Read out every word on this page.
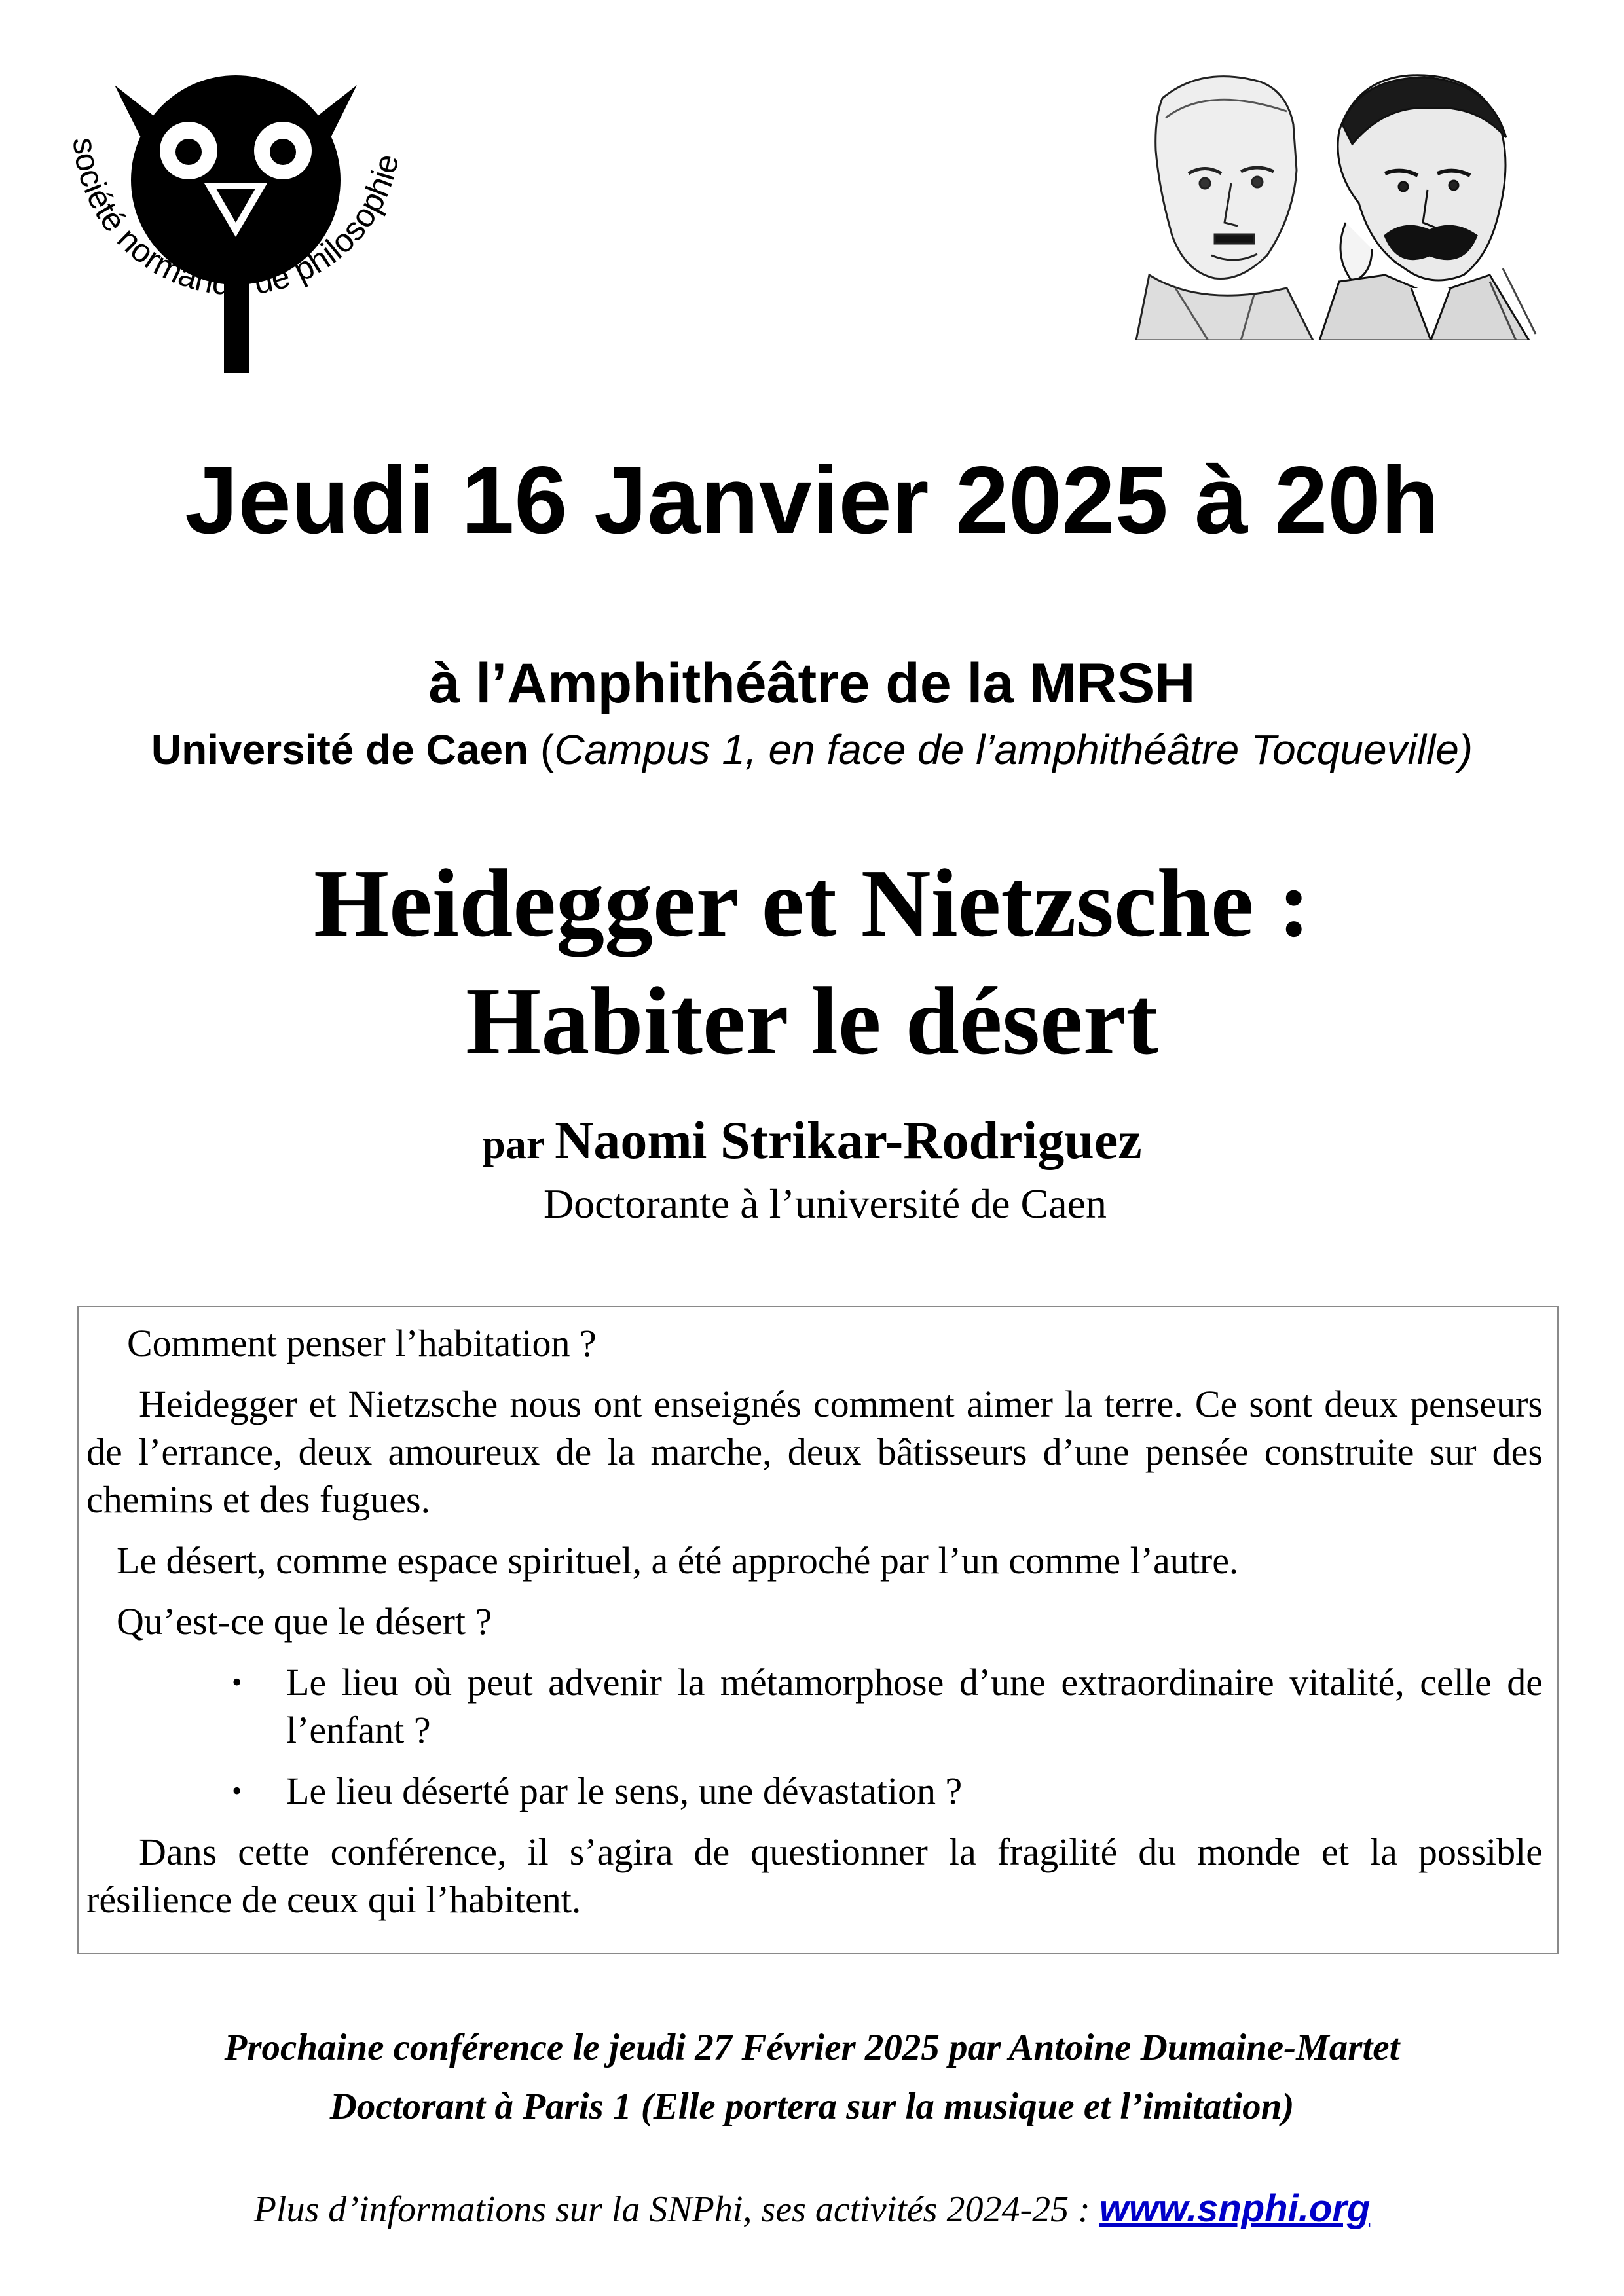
société normande de philosophie
Jeudi 16 Janvier 2025 à 20h
à l’Amphithéâtre de la MRSH
Université de Caen (Campus 1, en face de l’amphithéâtre Tocqueville)
Heidegger et Nietzsche :
Habiter le désert
par Naomi Strikar-Rodriguez
Doctorante à l’université de Caen

Comment penser l’habitation ?

Heidegger et Nietzsche nous ont enseignés comment aimer la terre. Ce sont deux penseurs de l’errance, deux amoureux de la marche, deux bâtisseurs d’une pensée construite sur des chemins et des fugues.

Le désert, comme espace spirituel, a été approché par l’un comme l’autre.

Qu’est-ce que le désert ?

• Le lieu où peut advenir la métamorphose d’une extraordinaire vitalité, celle de l’enfant ?
• Le lieu déserté par le sens, une dévastation ?

Dans cette conférence, il s’agira de questionner la fragilité du monde et la possible résilience de ceux qui l’habitent.

Prochaine conférence le jeudi 27 Février 2025 par Antoine Dumaine-Martet
Doctorant à Paris 1 (Elle portera sur la musique et l’imitation)
Plus d’informations sur la SNPhi, ses activités 2024-25 : www.snphi.org
